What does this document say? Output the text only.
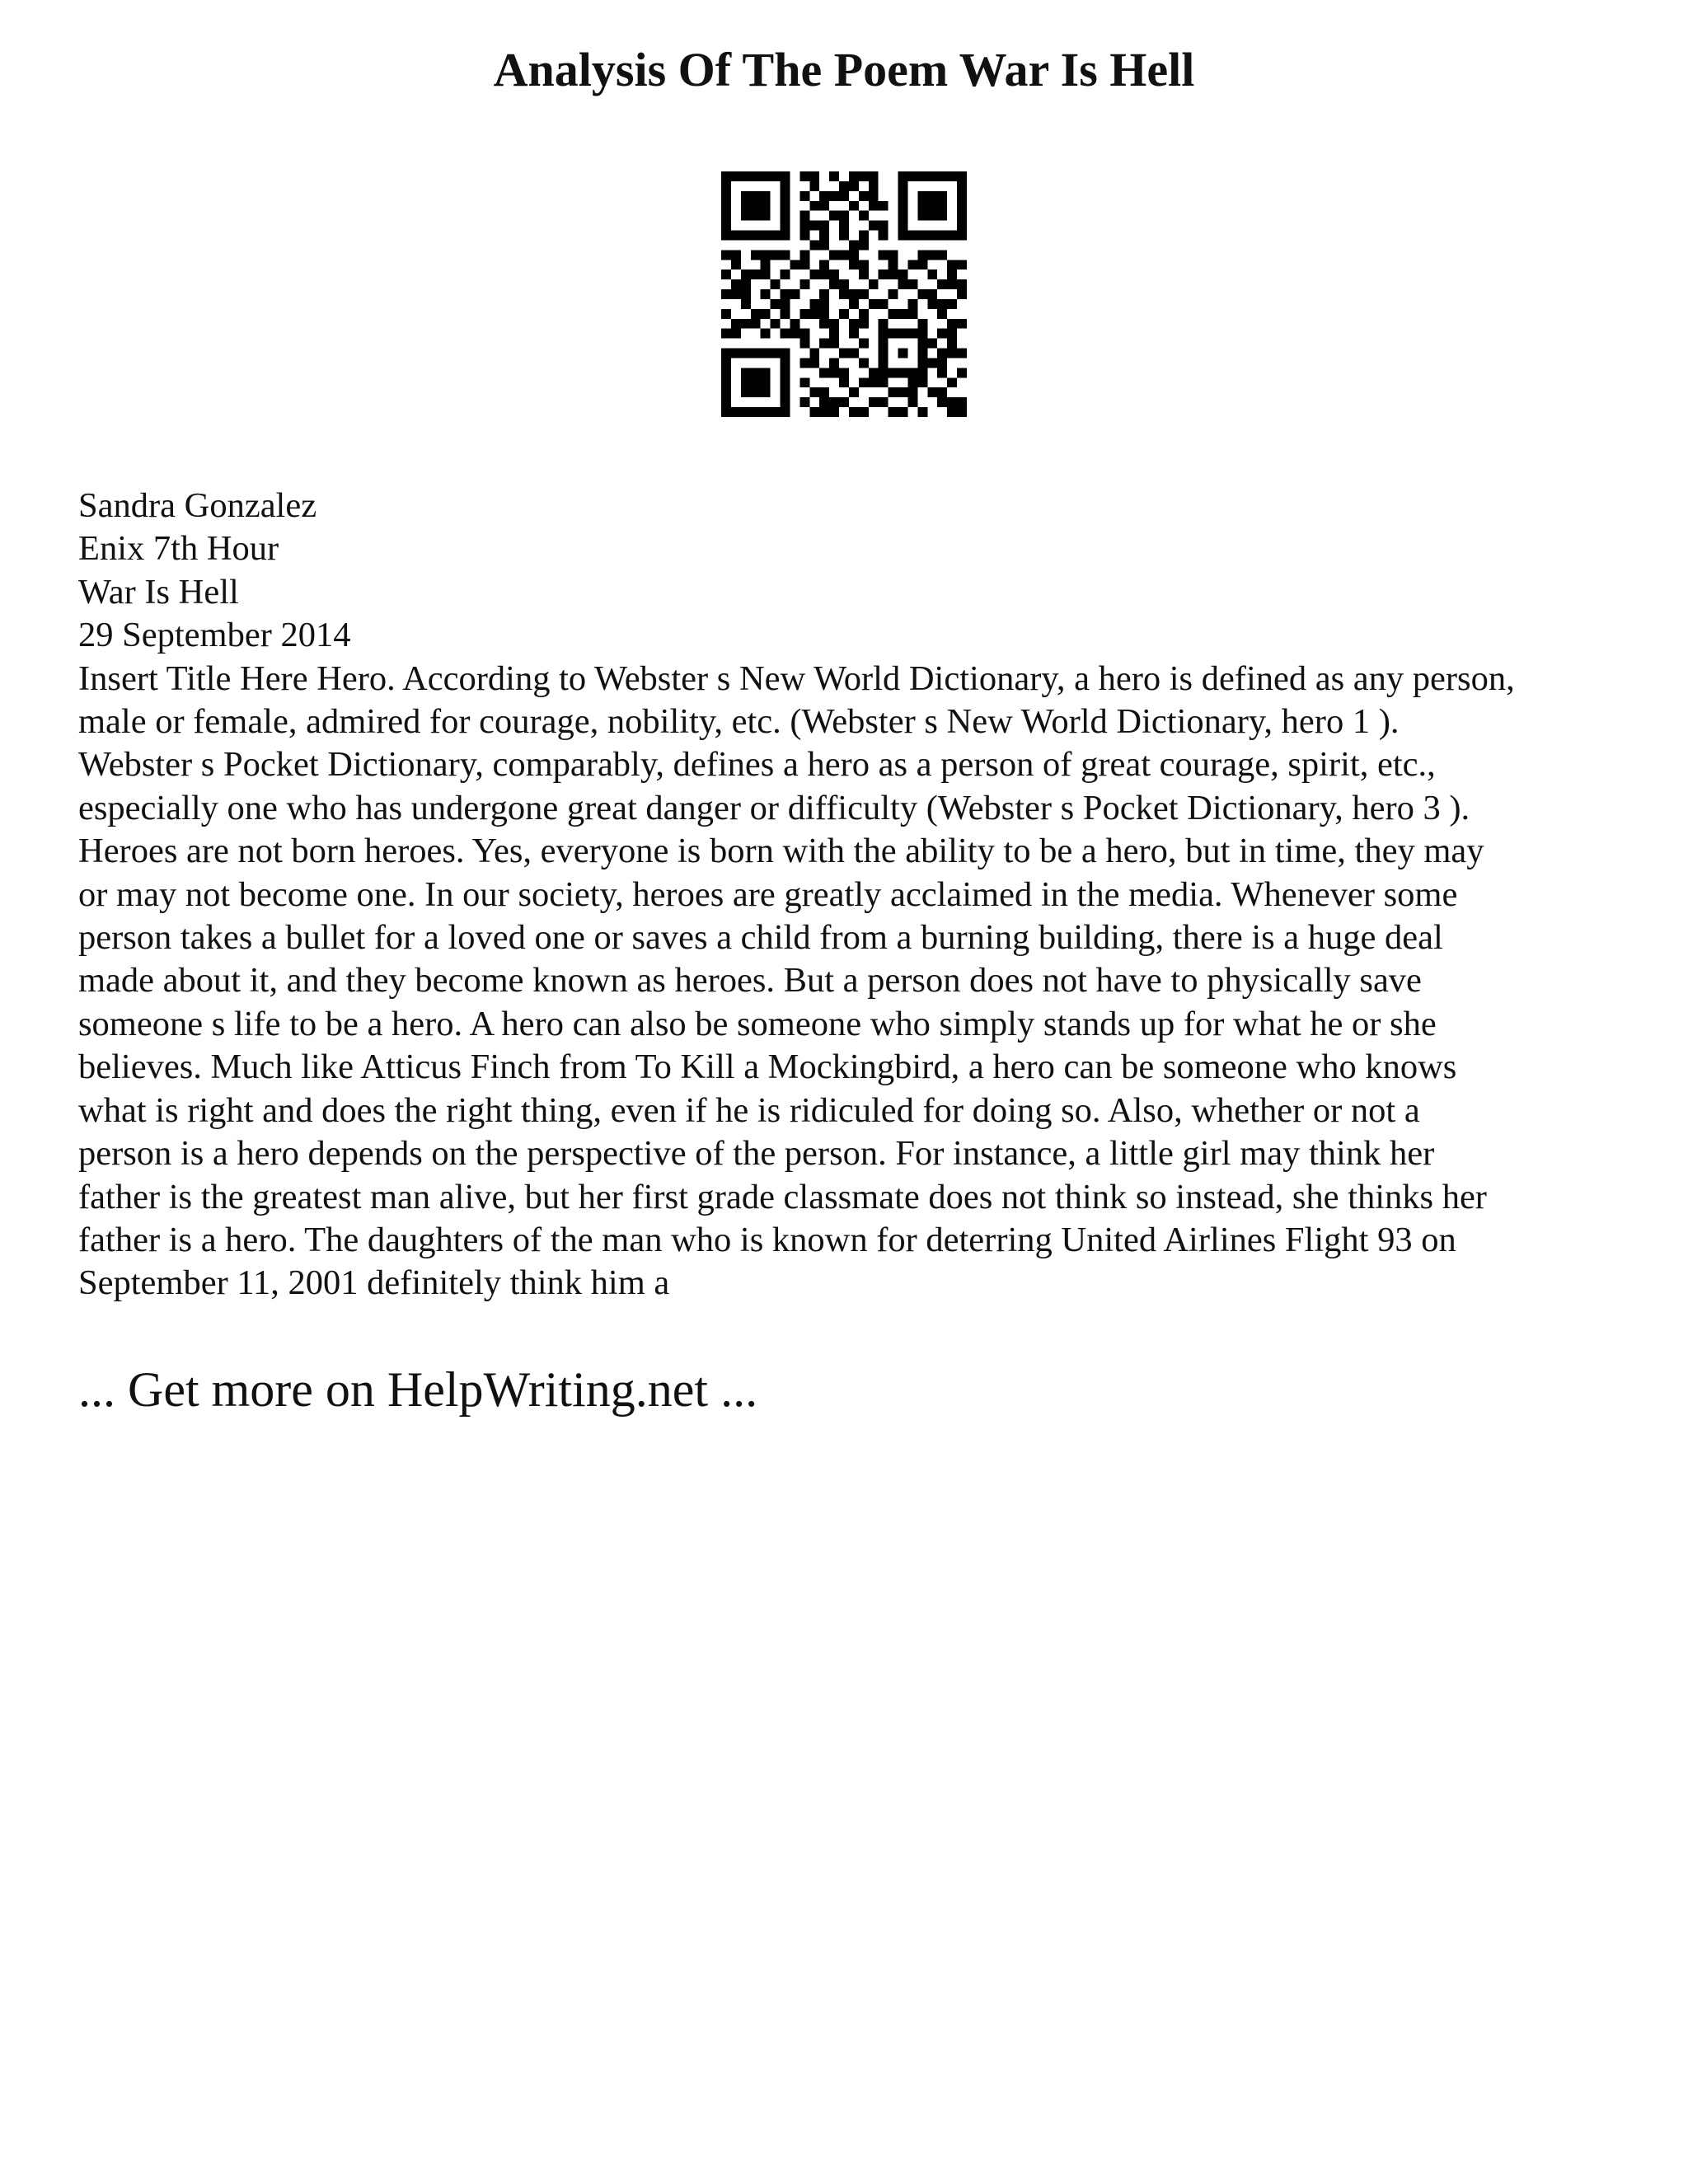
Analysis Of The Poem War Is Hell
Sandra Gonzalez
Enix 7th Hour
War Is Hell
29 September 2014
Insert Title Here Hero. According to Webster s New World Dictionary, a hero is defined as any person,
male or female, admired for courage, nobility, etc. (Webster s New World Dictionary, hero 1 ).
Webster s Pocket Dictionary, comparably, defines a hero as a person of great courage, spirit, etc.,
especially one who has undergone great danger or difficulty (Webster s Pocket Dictionary, hero 3 ).
Heroes are not born heroes. Yes, everyone is born with the ability to be a hero, but in time, they may
or may not become one. In our society, heroes are greatly acclaimed in the media. Whenever some
person takes a bullet for a loved one or saves a child from a burning building, there is a huge deal
made about it, and they become known as heroes. But a person does not have to physically save
someone s life to be a hero. A hero can also be someone who simply stands up for what he or she
believes. Much like Atticus Finch from To Kill a Mockingbird, a hero can be someone who knows
what is right and does the right thing, even if he is ridiculed for doing so. Also, whether or not a
person is a hero depends on the perspective of the person. For instance, a little girl may think her
father is the greatest man alive, but her first grade classmate does not think so instead, she thinks her
father is a hero. The daughters of the man who is known for deterring United Airlines Flight 93 on
September 11, 2001 definitely think him a
... Get more on HelpWriting.net ...
